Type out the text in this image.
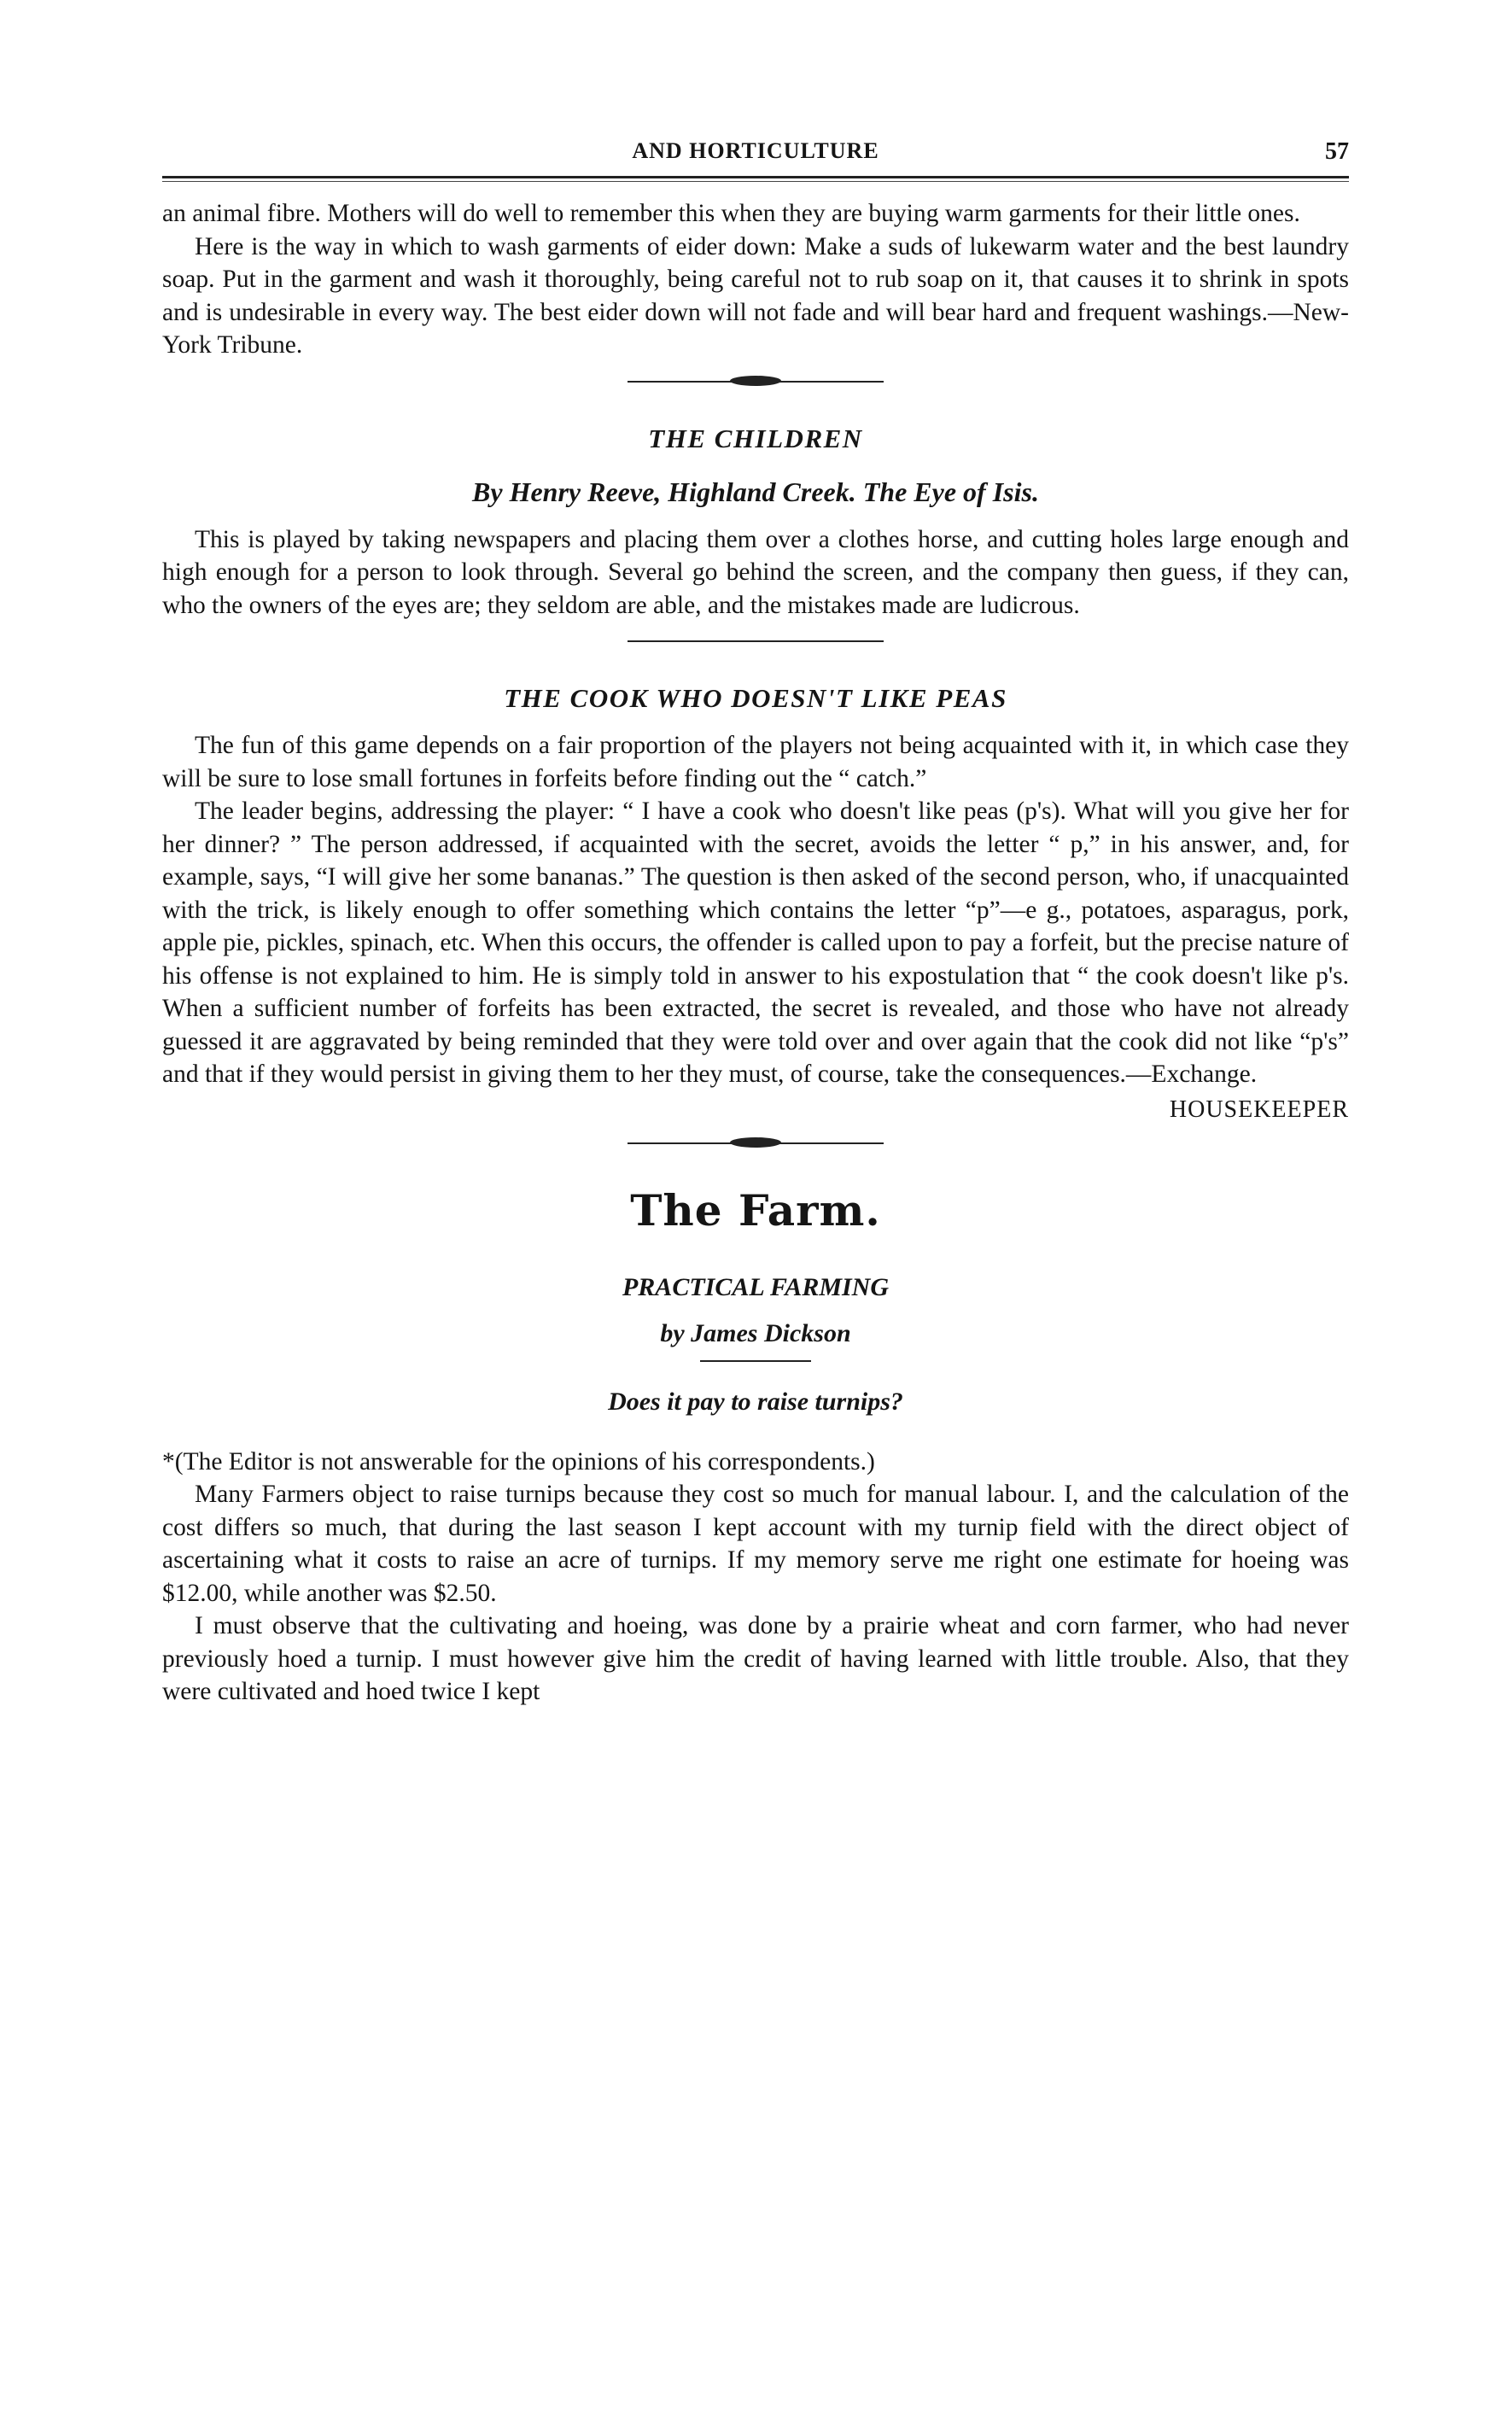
AND HORTICULTURE	57

an animal fibre. Mothers will do well to remember this when they are buying warm garments for their little ones.

Here is the way in which to wash garments of eider down: Make a suds of lukewarm water and the best laundry soap. Put in the garment and wash it thoroughly, being careful not to rub soap on it, that causes it to shrink in spots and is undesirable in every way. The best eider down will not fade and will bear hard and frequent washings.—New-York Tribune.

THE CHILDREN
By Henry Reeve, Highland Creek. The Eye of Isis.

This is played by taking newspapers and placing them over a clothes horse, and cutting holes large enough and high enough for a person to look through. Several go behind the screen, and the company then guess, if they can, who the owners of the eyes are; they seldom are able, and the mistakes made are ludicrous.

THE COOK WHO DOESN'T LIKE PEAS

The fun of this game depends on a fair proportion of the players not being acquainted with it, in which case they will be sure to lose small fortunes in forfeits before finding out the “ catch.”

The leader begins, addressing the player: “ I have a cook who doesn't like peas (p's). What will you give her for her dinner? ” The person addressed, if acquainted with the secret, avoids the letter “ p,” in his answer, and, for example, says, “I will give her some bananas.” The question is then asked of the second person, who, if unacquainted with the trick, is likely enough to offer something which contains the letter “p”—e g., potatoes, asparagus, pork, apple pie, pickles, spinach, etc. When this occurs, the offender is called upon to pay a forfeit, but the precise nature of his offense is not explained to him. He is simply told in answer to his expostulation that “ the cook doesn't like p's. When a sufficient number of forfeits has been extracted, the secret is revealed, and those who have not already guessed it are aggravated by being reminded that they were told over and over again that the cook did not like “p's” and that if they would persist in giving them to her they must, of course, take the consequences.—Exchange.

HOUSEKEEPER
The Farm.
PRACTICAL FARMING
by James Dickson
Does it pay to raise turnips?

*(The Editor is not answerable for the opinions of his correspondents.)

Many Farmers object to raise turnips because they cost so much for manual labour. I, and the calculation of the cost differs so much, that during the last season I kept account with my turnip field with the direct object of ascertaining what it costs to raise an acre of turnips. If my memory serve me right one estimate for hoeing was $12.00, while another was $2.50.

I must observe that the cultivating and hoeing, was done by a prairie wheat and corn farmer, who had never previously hoed a turnip. I must however give him the credit of having learned with little trouble. Also, that they were cultivated and hoed twice I kept
